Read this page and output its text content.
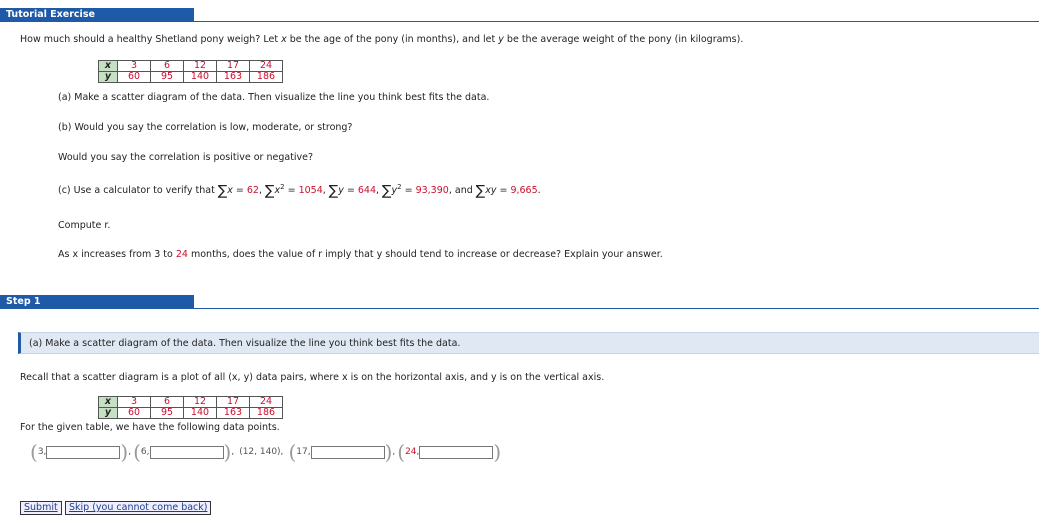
Tutorial Exercise
How much should a healthy Shetland pony weigh? Let x be the age of the pony (in months), and let y be the average weight of the pony (in kilograms).
x	3	6	12	17	24
y	60	95	140	163	186
(a) Make a scatter diagram of the data. Then visualize the line you think best fits the data.
(b) Would you say the correlation is low, moderate, or strong?
Would you say the correlation is positive or negative?
(c) Use a calculator to verify that ∑x = 62, $\sum x^2 = 1054$, ∑y = 644, $\sum y^2 = 93,390$, and ∑xy = 9,665.
Compute r.
As x increases from 3 to 24 months, does the value of r imply that y should tend to increase or decrease? Explain your answer.
Step 1
(a) Make a scatter diagram of the data. Then visualize the line you think best fits the data.
Recall that a scatter diagram is a plot of all (x, y) data pairs, where x is on the horizontal axis, and y is on the vertical axis.
x	3	6	12	17	24
y	60	95	140	163	186
For the given table, we have the following data points.
( 3,	) , ( 6,	) , (12, 140), ( 17,	) , ( 24,	)
Submit	Skip (you cannot come back)
